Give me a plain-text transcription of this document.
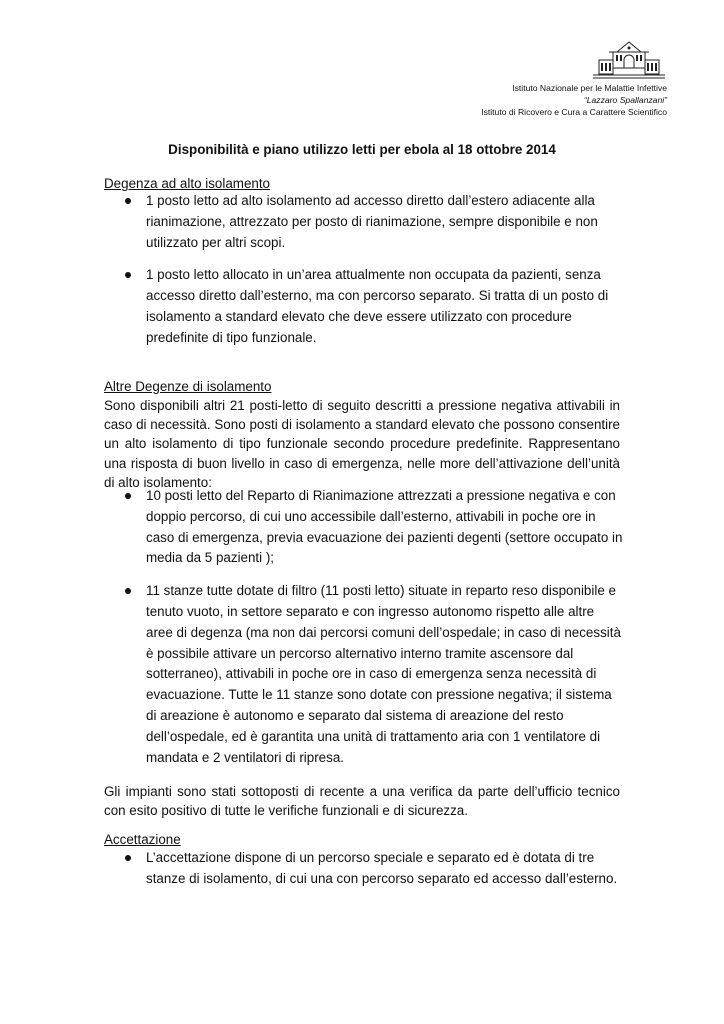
Istituto Nazionale per le Malattie Infettive
“Lazzaro Spallanzani”
Istituto di Ricovero e Cura a Carattere Scientifico
Disponibilità e piano utilizzo letti per ebola al 18 ottobre 2014
Degenza ad alto isolamento
1 posto letto ad alto isolamento ad accesso diretto dall’estero adiacente alla rianimazione, attrezzato per posto di rianimazione, sempre disponibile e non utilizzato per altri scopi.
1 posto letto allocato in un’area attualmente non occupata da pazienti, senza accesso diretto dall’esterno, ma con percorso separato. Si tratta di un posto di isolamento a standard elevato che deve essere utilizzato con procedure predefinite di tipo funzionale.
Altre Degenze di isolamento
Sono disponibili altri 21 posti-letto di seguito descritti a pressione negativa attivabili in caso di necessità. Sono posti di isolamento a standard elevato che possono consentire un alto isolamento di tipo funzionale secondo procedure predefinite. Rappresentano una risposta di buon livello in caso di emergenza, nelle more dell’attivazione dell’unità di alto isolamento:
10 posti letto del Reparto di Rianimazione attrezzati a pressione negativa e con doppio percorso, di cui uno accessibile dall’esterno, attivabili in poche ore in caso di emergenza, previa evacuazione dei pazienti degenti (settore occupato in media da 5 pazienti );
11 stanze tutte dotate di filtro (11 posti letto) situate in reparto reso disponibile e tenuto vuoto, in settore separato e con ingresso autonomo rispetto alle altre aree di degenza (ma non dai percorsi comuni dell’ospedale; in caso di necessità è possibile attivare un percorso alternativo interno tramite ascensore dal sotterraneo), attivabili in poche ore in caso di emergenza senza necessità di evacuazione. Tutte le 11 stanze sono dotate con pressione negativa; il sistema di areazione è autonomo e separato dal sistema di areazione del resto dell’ospedale, ed è garantita una unità di trattamento aria con 1 ventilatore di mandata e 2 ventilatori di ripresa.
Gli impianti sono stati sottoposti di recente a una verifica da parte dell’ufficio tecnico con esito positivo di tutte le verifiche funzionali e di sicurezza.
Accettazione
L’accettazione dispone di un percorso speciale e separato ed è dotata di tre stanze di isolamento, di cui una con percorso separato ed accesso dall’esterno.
